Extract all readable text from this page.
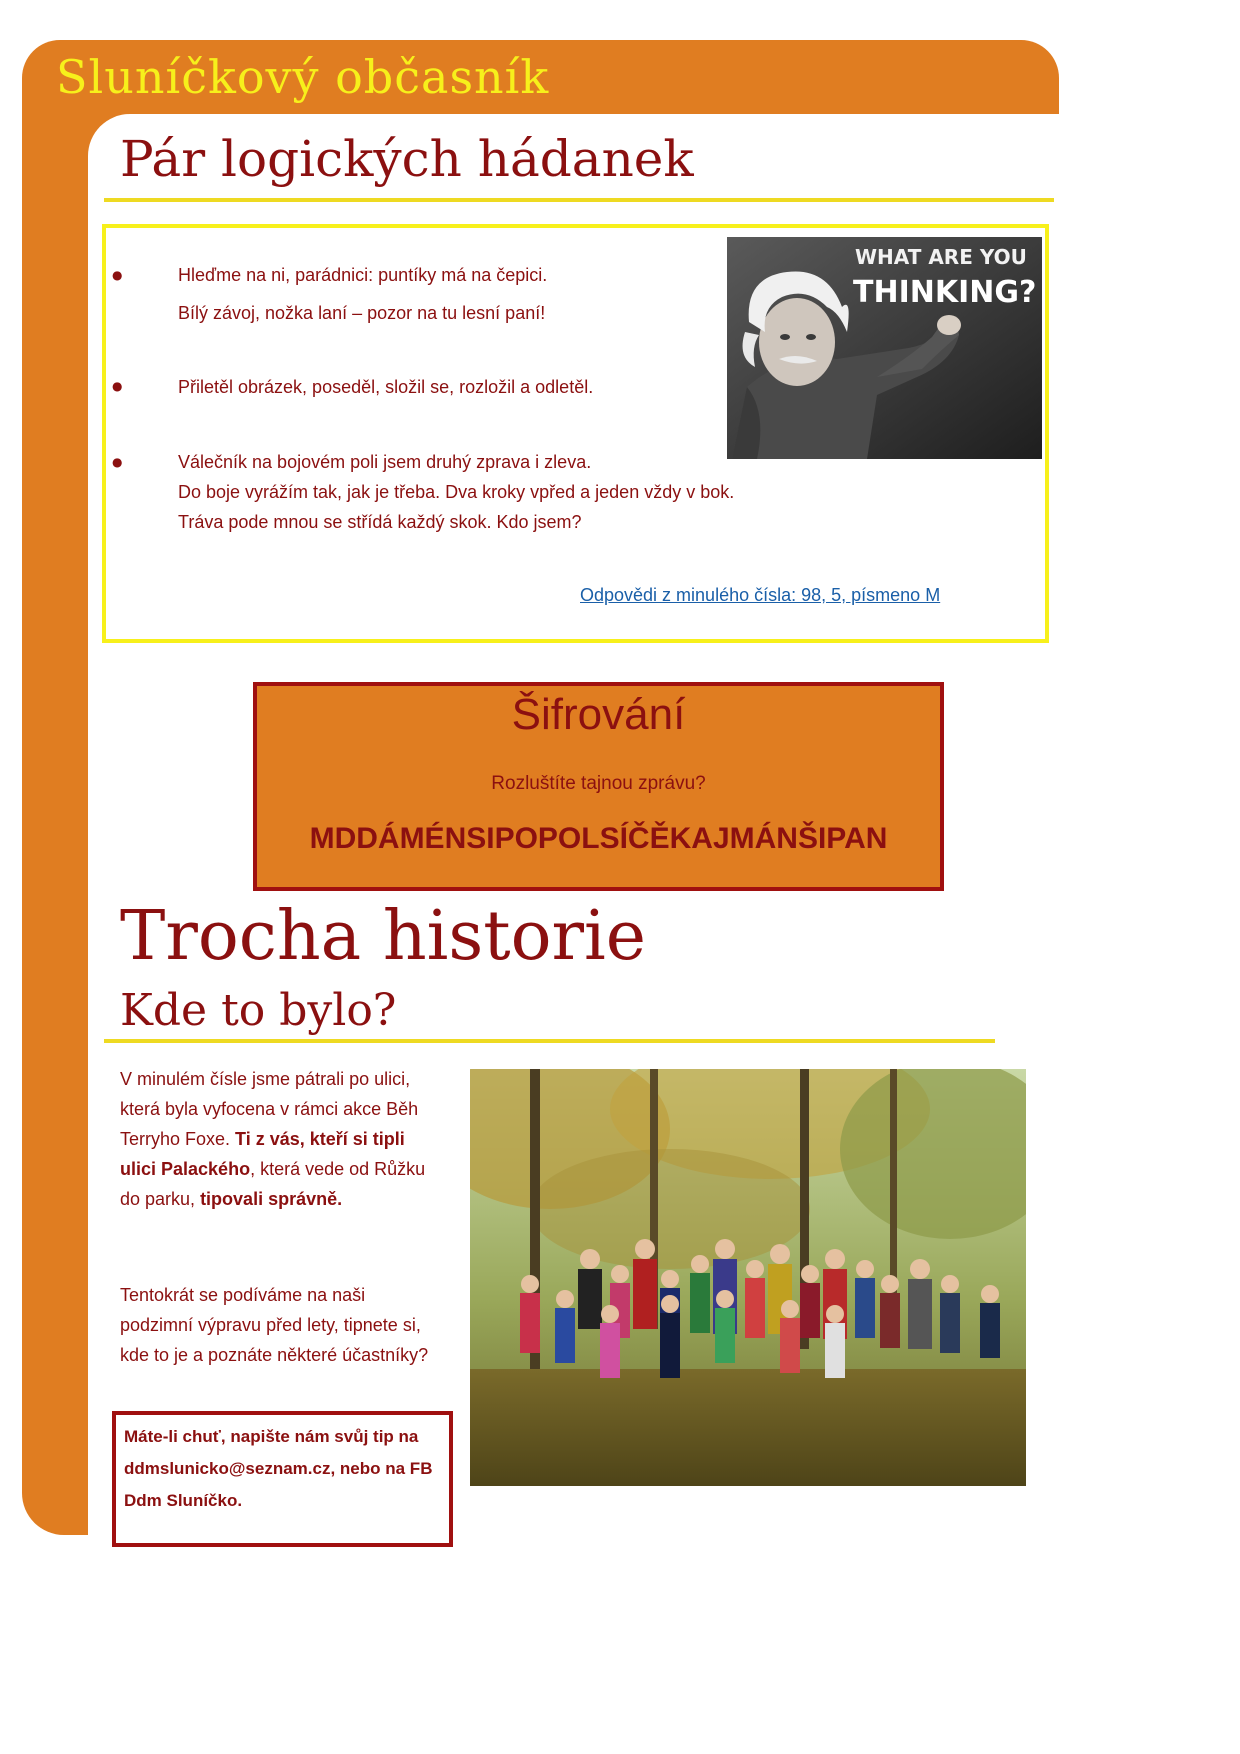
Sluníčkový občasník
Pár logických hádanek
●	Hleďme na ni, parádnici: puntíky má na čepici.
Bílý závoj, nožka laní – pozor na tu lesní paní!
●	Přiletěl obrázek, poseděl, složil se, rozložil a odletěl.
●	Válečník na bojovém poli jsem druhý zprava i zleva.
Do boje vyrážím tak, jak je třeba. Dva kroky vpřed a jeden vždy v bok.
Tráva pode mnou se střídá každý skok. Kdo jsem?
WHAT ARE YOU
THINKING?
Odpovědi z minulého čísla: 98, 5, písmeno M
Šifrování
Rozluštíte tajnou zprávu?
MDDÁMÉNSIPOPOLSÍČĚKAJMÁNŠIPAN
Trocha historie
Kde to bylo?
V minulém čísle jsme pátrali po ulici, která byla vyfocena v rámci akce Běh Terryho Foxe. Ti z vás, kteří si tipli ulici Palackého, která vede od Růžku do parku, tipovali správně.
Tentokrát se podíváme na naši podzimní výpravu před lety, tipnete si, kde to je a poznáte některé účastníky?
Máte-li chuť, napište nám svůj tip na ddmslunicko@seznam.cz, nebo na FB Ddm Sluníčko.
